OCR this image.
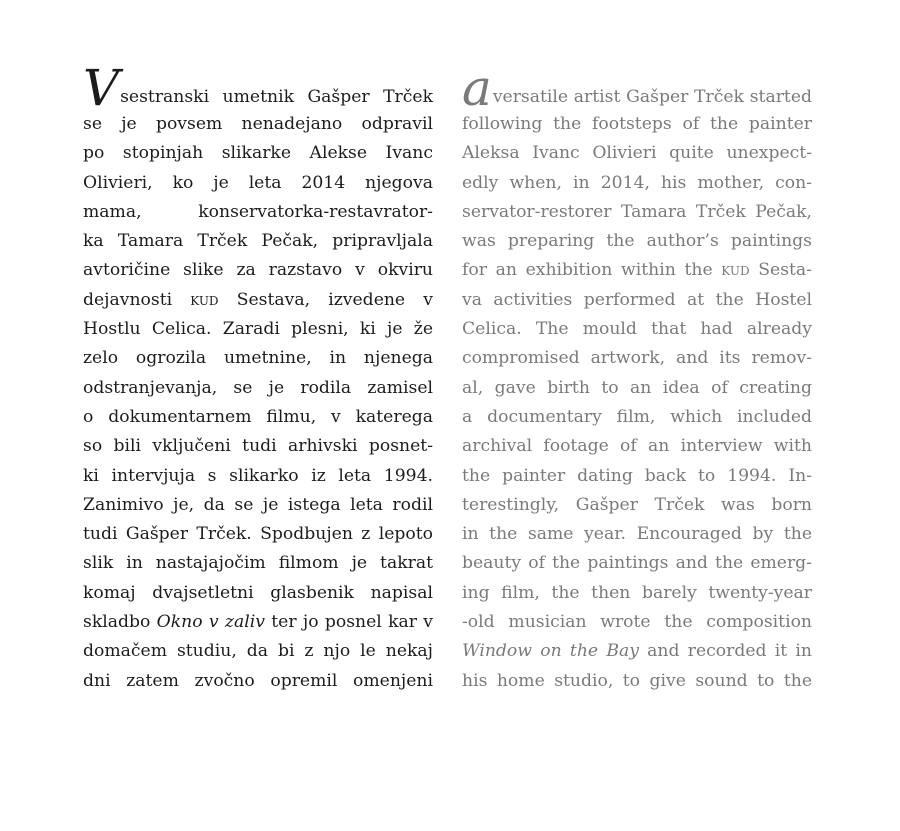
V sestranski umetnik Gašper Trček
se je povsem nenadejano odpravil
po stopinjah slikarke Alekse Ivanc
Olivieri, ko je leta 2014 njegova
mama, konservatorka-restavrator-
ka Tamara Trček Pečak, pripravljala
avtoričine slike za razstavo v okviru
dejavnosti kud Sestava, izvedene v
Hostlu Celica. Zaradi plesni, ki je že
zelo ogrozila umetnine, in njenega
odstranjevanja, se je rodila zamisel
o dokumentarnem filmu, v katerega
so bili vključeni tudi arhivski posnet-
ki intervjuja s slikarko iz leta 1994.
Zanimivo je, da se je istega leta rodil
tudi Gašper Trček. Spodbujen z lepoto
slik in nastajajočim filmom je takrat
komaj dvajsetletni glasbenik napisal
skladbo Okno v zaliv ter jo posnel kar v
domačem studiu, da bi z njo le nekaj
dni zatem zvočno opremil omenjeni
a versatile artist Gašper Trček started
following the footsteps of the painter
Aleksa Ivanc Olivieri quite unexpect-
edly when, in 2014, his mother, con-
servator-restorer Tamara Trček Pečak,
was preparing the author’s paintings
for an exhibition within the kud Sesta-
va activities performed at the Hostel
Celica. The mould that had already
compromised artwork, and its remov-
al, gave birth to an idea of creating
a documentary film, which included
archival footage of an interview with
the painter dating back to 1994. In-
terestingly, Gašper Trček was born
in the same year. Encouraged by the
beauty of the paintings and the emerg-
ing film, the then barely twenty-year
-old musician wrote the composition
Window on the Bay and recorded it in
his home studio, to give sound to the
